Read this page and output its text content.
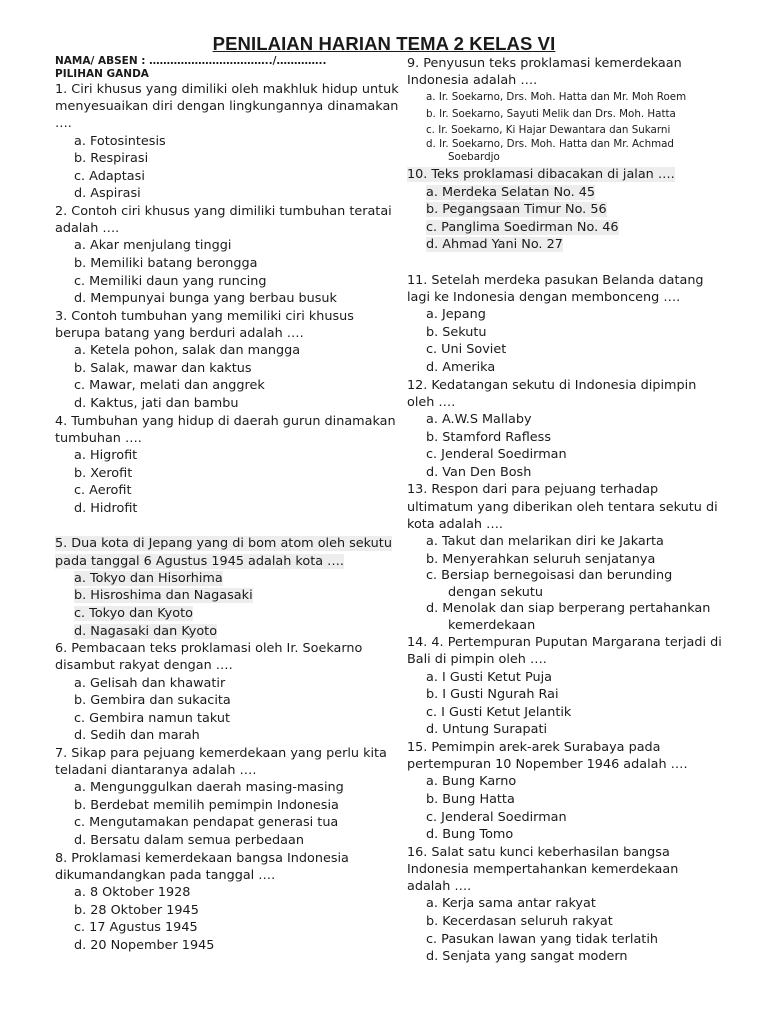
PENILAIAN HARIAN TEMA 2 KELAS VI
NAMA/ ABSEN : ……………………………../…………..
PILIHAN GANDA
1. Ciri khusus yang dimiliki oleh makhluk hidup untuk menyesuaikan diri dengan lingkungannya dinamakan ….
a. Fotosintesis
b. Respirasi
c. Adaptasi
d. Aspirasi
2. Contoh ciri khusus yang dimiliki tumbuhan teratai adalah ….
a. Akar menjulang tinggi
b. Memiliki batang berongga
c. Memiliki daun yang runcing
d. Mempunyai bunga yang berbau busuk
3. Contoh tumbuhan yang memiliki ciri khusus berupa batang yang berduri adalah ….
a. Ketela pohon, salak dan mangga
b. Salak, mawar dan kaktus
c. Mawar, melati dan anggrek
d. Kaktus, jati dan bambu
4. Tumbuhan yang hidup di daerah gurun dinamakan tumbuhan ….
a. Higrofit
b. Xerofit
c. Aerofit
d. Hidrofit
5. Dua kota di Jepang yang di bom atom oleh sekutu pada tanggal 6 Agustus 1945 adalah kota ….
a. Tokyo dan Hisorhima
b. Hisroshima dan Nagasaki
c. Tokyo dan Kyoto
d. Nagasaki dan Kyoto
6. Pembacaan teks proklamasi oleh Ir. Soekarno disambut rakyat dengan ….
a. Gelisah dan khawatir
b. Gembira dan sukacita
c. Gembira namun takut
d. Sedih dan marah
7. Sikap para pejuang kemerdekaan yang perlu kita teladani diantaranya adalah ….
a. Mengunggulkan daerah masing-masing
b. Berdebat memilih pemimpin Indonesia
c. Mengutamakan pendapat generasi tua
d. Bersatu dalam semua perbedaan
8. Proklamasi kemerdekaan bangsa Indonesia dikumandangkan pada tanggal ….
a. 8 Oktober 1928
b. 28 Oktober 1945
c. 17 Agustus 1945
d. 20 Nopember 1945
9. Penyusun teks proklamasi kemerdekaan Indonesia adalah ….
a. Ir. Soekarno, Drs. Moh. Hatta dan Mr. Moh Roem
b. Ir. Soekarno, Sayuti Melik dan Drs. Moh. Hatta
c. Ir. Soekarno, Ki Hajar Dewantara dan Sukarni
d. Ir. Soekarno, Drs. Moh. Hatta dan Mr. Achmad Soebardjo
10. Teks proklamasi dibacakan di jalan ….
a. Merdeka Selatan No. 45
b. Pegangsaan Timur No. 56
c. Panglima Soedirman No. 46
d. Ahmad Yani No. 27
11. Setelah merdeka pasukan Belanda datang lagi ke Indonesia dengan membonceng ….
a. Jepang
b. Sekutu
c. Uni Soviet
d. Amerika
12. Kedatangan sekutu di Indonesia dipimpin oleh ….
a. A.W.S Mallaby
b. Stamford Rafless
c. Jenderal Soedirman
d. Van Den Bosh
13. Respon dari para pejuang terhadap ultimatum yang diberikan oleh tentara sekutu di kota adalah ….
a. Takut dan melarikan diri ke Jakarta
b. Menyerahkan seluruh senjatanya
c. Bersiap bernegoisasi dan berunding dengan sekutu
d. Menolak dan siap berperang pertahankan kemerdekaan
14. 4. Pertempuran Puputan Margarana terjadi di Bali di pimpin oleh ….
a. I Gusti Ketut Puja
b. I Gusti Ngurah Rai
c. I Gusti Ketut Jelantik
d. Untung Surapati
15. Pemimpin arek-arek Surabaya pada pertempuran 10 Nopember 1946 adalah ….
a. Bung Karno
b. Bung Hatta
c. Jenderal Soedirman
d. Bung Tomo
16. Salat satu kunci keberhasilan bangsa Indonesia mempertahankan kemerdekaan adalah ….
a. Kerja sama antar rakyat
b. Kecerdasan seluruh rakyat
c. Pasukan lawan yang tidak terlatih
d. Senjata yang sangat modern
